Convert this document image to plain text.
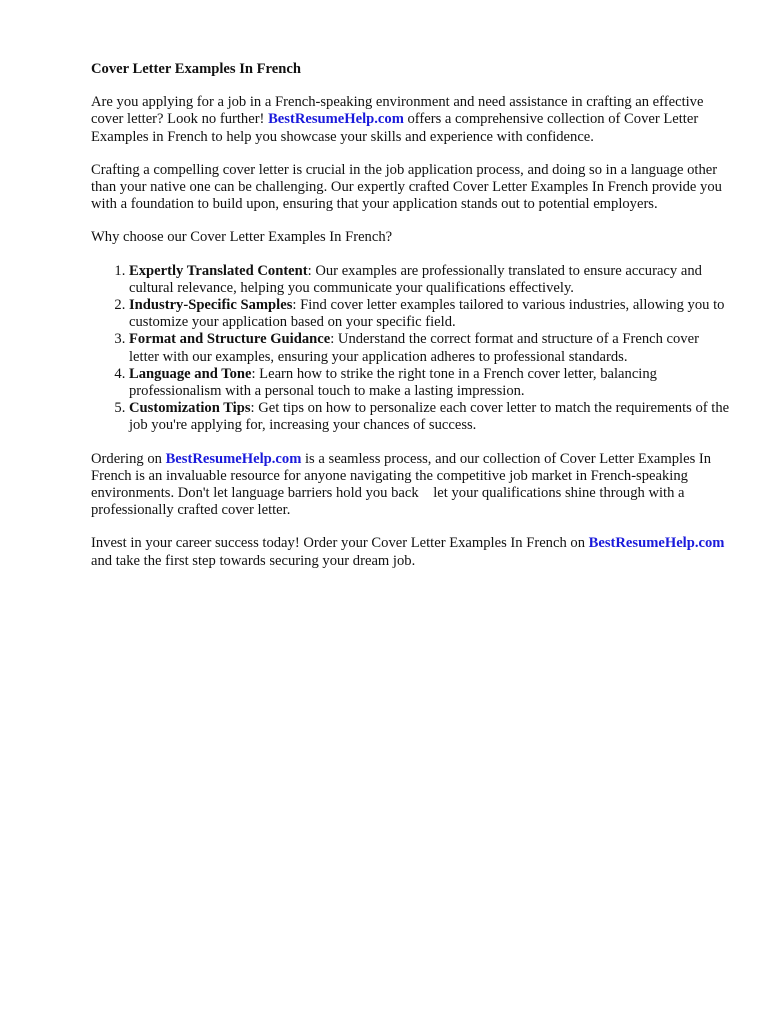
Cover Letter Examples In French

Are you applying for a job in a French-speaking environment and need assistance in crafting an effective cover letter? Look no further! BestResumeHelp.com offers a comprehensive collection of Cover Letter Examples in French to help you showcase your skills and experience with confidence.

Crafting a compelling cover letter is crucial in the job application process, and doing so in a language other than your native one can be challenging. Our expertly crafted Cover Letter Examples In French provide you with a foundation to build upon, ensuring that your application stands out to potential employers.

Why choose our Cover Letter Examples In French?

1. Expertly Translated Content: Our examples are professionally translated to ensure accuracy and cultural relevance, helping you communicate your qualifications effectively.
2. Industry-Specific Samples: Find cover letter examples tailored to various industries, allowing you to customize your application based on your specific field.
3. Format and Structure Guidance: Understand the correct format and structure of a French cover letter with our examples, ensuring your application adheres to professional standards.
4. Language and Tone: Learn how to strike the right tone in a French cover letter, balancing professionalism with a personal touch to make a lasting impression.
5. Customization Tips: Get tips on how to personalize each cover letter to match the requirements of the job you're applying for, increasing your chances of success.

Ordering on BestResumeHelp.com is a seamless process, and our collection of Cover Letter Examples In French is an invaluable resource for anyone navigating the competitive job market in French-speaking environments. Don't let language barriers hold you back    let your qualifications shine through with a professionally crafted cover letter.

Invest in your career success today! Order your Cover Letter Examples In French on BestResumeHelp.com and take the first step towards securing your dream job.
